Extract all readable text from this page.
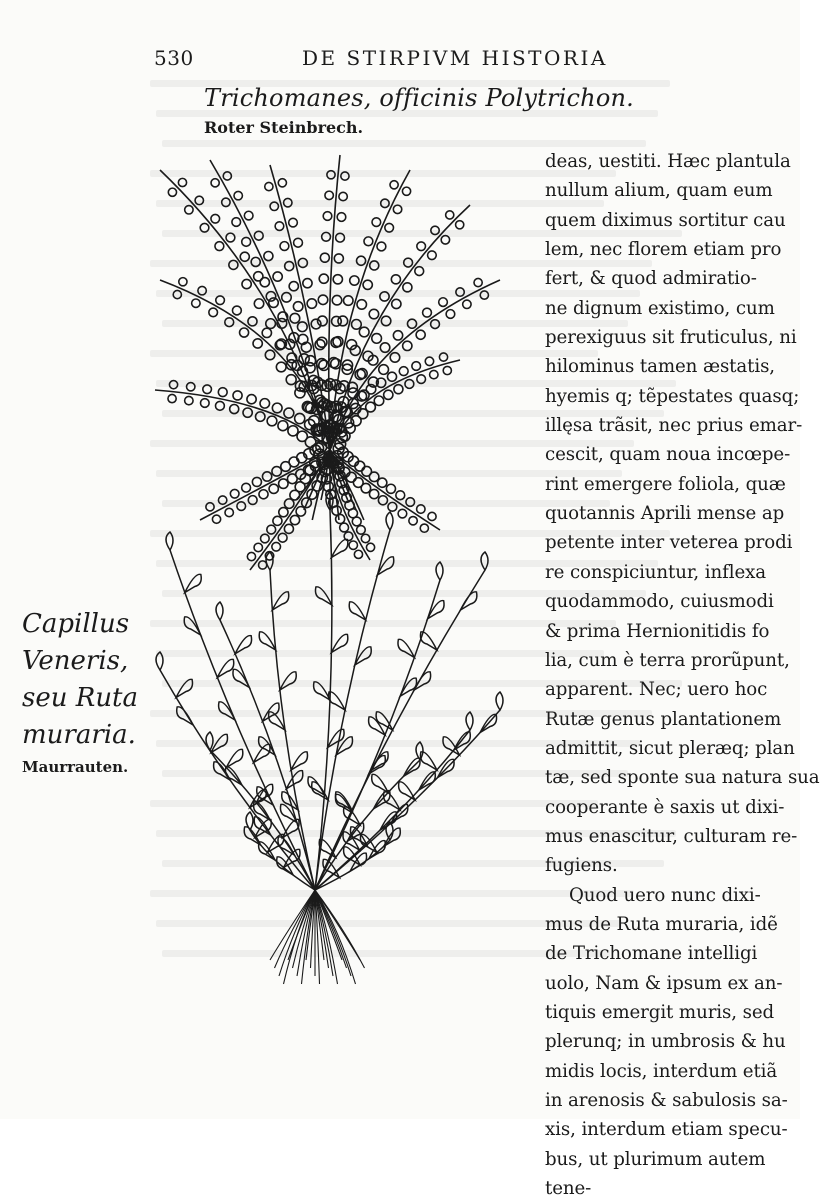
530	DE STIRPIVM HISTORIA
Trichomanes, officinis Polytrichon.
Roter Steinbrech.
deas, uestiti. Hæc plantula
nullum alium, quam eum
quem diximus sortitur cau
lem, nec florem etiam pro
fert, & quod admiratio-
ne dignum existimo, cum
perexiguus sit fruticulus, ni
hilominus tamen æstatis,
hyemis q; tẽpestates quasq;
illęsa trãsit, nec prius emar-
cescit, quam noua incœpe-
rint emergere foliola, quæ
quotannis Aprili mense ap
petente inter veterea prodi
re conspiciuntur, inflexa
quodammodo, cuiusmodi
& prima Hernionitidis fo
lia, cum è terra prorũpunt,
apparent. Nec; uero hoc
Rutæ genus plantationem
admittit, sicut pleræq; plan
tæ, sed sponte sua natura sua
cooperante è saxis ut dixi-
mus enascitur, culturam re-
fugiens.
Quod uero nunc dixi-
mus de Ruta muraria, idẽ
de Trichomane intelligi
uolo, Nam & ipsum ex an-
tiquis emergit muris, sed
plerunq; in umbrosis & hu
midis locis, interdum etiã
in arenosis & sabulosis sa-
xis, interdum etiam specu-
bus, ut plurimum autem
tene-
Capillus
Veneris,
seu Ruta
muraria.
Maurrauten.
